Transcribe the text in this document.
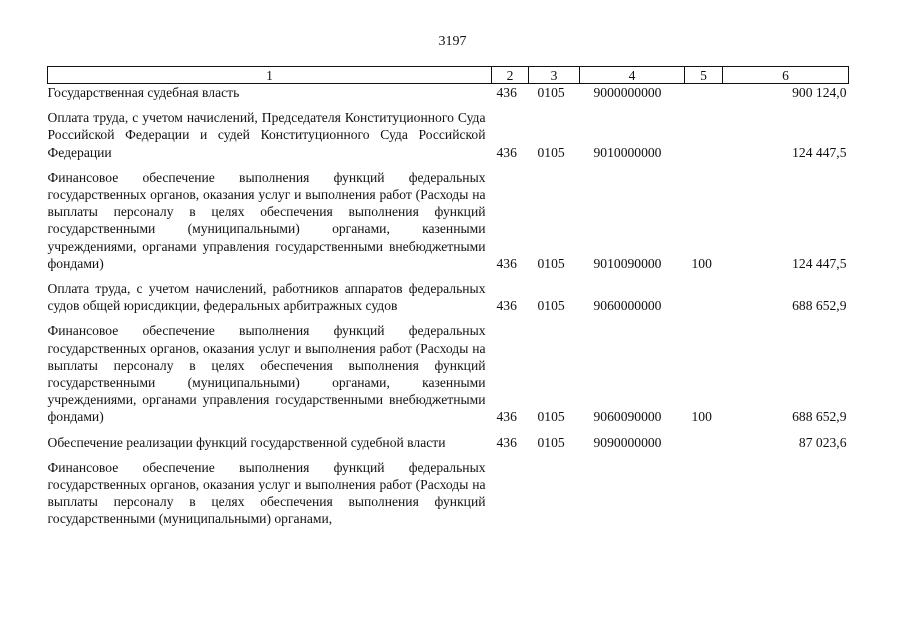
3197
1	2	3	4	5	6
Государственная судебная власть	436	0105	9000000000		900 124,0

Оплата труда, с учетом начислений, Председателя Конституционного Суда Российской Федерации и судей Конституционного Суда Российской Федерации	436	0105	9010000000		124 447,5

Финансовое обеспечение выполнения функций федеральных государственных органов, оказания услуг и выполнения работ (Расходы на выплаты персоналу в целях обеспечения выполнения функций государственными (муниципальными) органами, казенными учреждениями, органами управления государственными внебюджетными фондами)	436	0105	9010090000	100	124 447,5

Оплата труда, с учетом начислений, работников аппаратов федеральных судов общей юрисдикции, федеральных арбитражных судов	436	0105	9060000000		688 652,9

Финансовое обеспечение выполнения функций федеральных государственных органов, оказания услуг и выполнения работ (Расходы на выплаты персоналу в целях обеспечения выполнения функций государственными (муниципальными) органами, казенными учреждениями, органами управления государственными внебюджетными фондами)	436	0105	9060090000	100	688 652,9

Обеспечение реализации функций государственной судебной власти	436	0105	9090000000		87 023,6

Финансовое обеспечение выполнения функций федеральных государственных органов, оказания услуг и выполнения работ (Расходы на выплаты персоналу в целях обеспечения выполнения функций государственными (муниципальными) органами,					
